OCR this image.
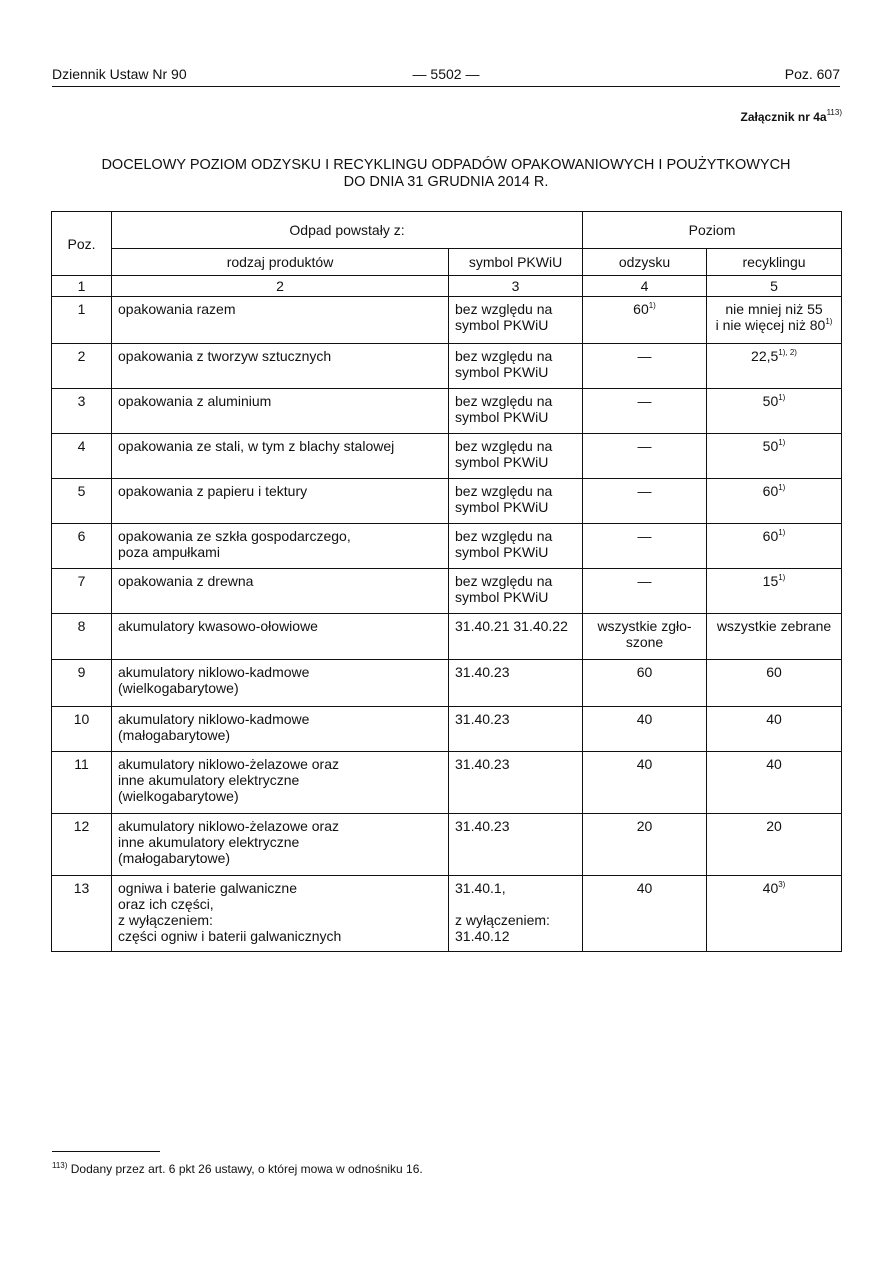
Dziennik Ustaw Nr 90	— 5502 —	Poz. 607
Załącznik nr $4a^{113)}$
DOCELOWY POZIOM ODZYSKU I RECYKLINGU ODPADÓW OPAKOWANIOWYCH I POUŻYTKOWYCH
DO DNIA 31 GRUDNIA 2014 R.
Poz.	Odpad powstały z:		Poziom	
	rodzaj produktów	symbol PKWiU	odzysku	recyklingu
1	2	3	4	5
1	opakowania razem	bez względu na
symbol PKWiU	60$^{1)}$	nie mniej niż 55
i nie więcej niż 80$^{1)}$
2	opakowania z tworzyw sztucznych	bez względu na
symbol PKWiU	—	$22,5^{1), 2)}$
3	opakowania z aluminium	bez względu na
symbol PKWiU	—	50$^{1)}$
4	opakowania ze stali, w tym z blachy stalowej	bez względu na
symbol PKWiU	—	50$^{1)}$
5	opakowania z papieru i tektury	bez względu na
symbol PKWiU	—	60$^{1)}$
6	opakowania ze szkła gospodarczego,
poza ampułkami	bez względu na
symbol PKWiU	—	60$^{1)}$
7	opakowania z drewna	bez względu na
symbol PKWiU	—	15$^{1)}$
8	akumulatory kwasowo-ołowiowe	31.40.21 31.40.22	wszystkie zgło-
szone	wszystkie zebrane
9	akumulatory niklowo-kadmowe
(wielkogabarytowe)	31.40.23	60	60
10	akumulatory niklowo-kadmowe
(małogabarytowe)	31.40.23	40	40
11	akumulatory niklowo-żelazowe oraz
inne akumulatory elektryczne
(wielkogabarytowe)	31.40.23	40	40
12	akumulatory niklowo-żelazowe oraz
inne akumulatory elektryczne
(małogabarytowe)	31.40.23	20	20
13	ogniwa i baterie galwaniczne
oraz ich części,
z wyłączeniem:
części ogniw i baterii galwanicznych	31.40.1,

z wyłączeniem:
31.40.12	40	40$^{3)}$
$^{113)}$ Dodany przez art. 6 pkt 26 ustawy, o której mowa w odnośniku 16.
